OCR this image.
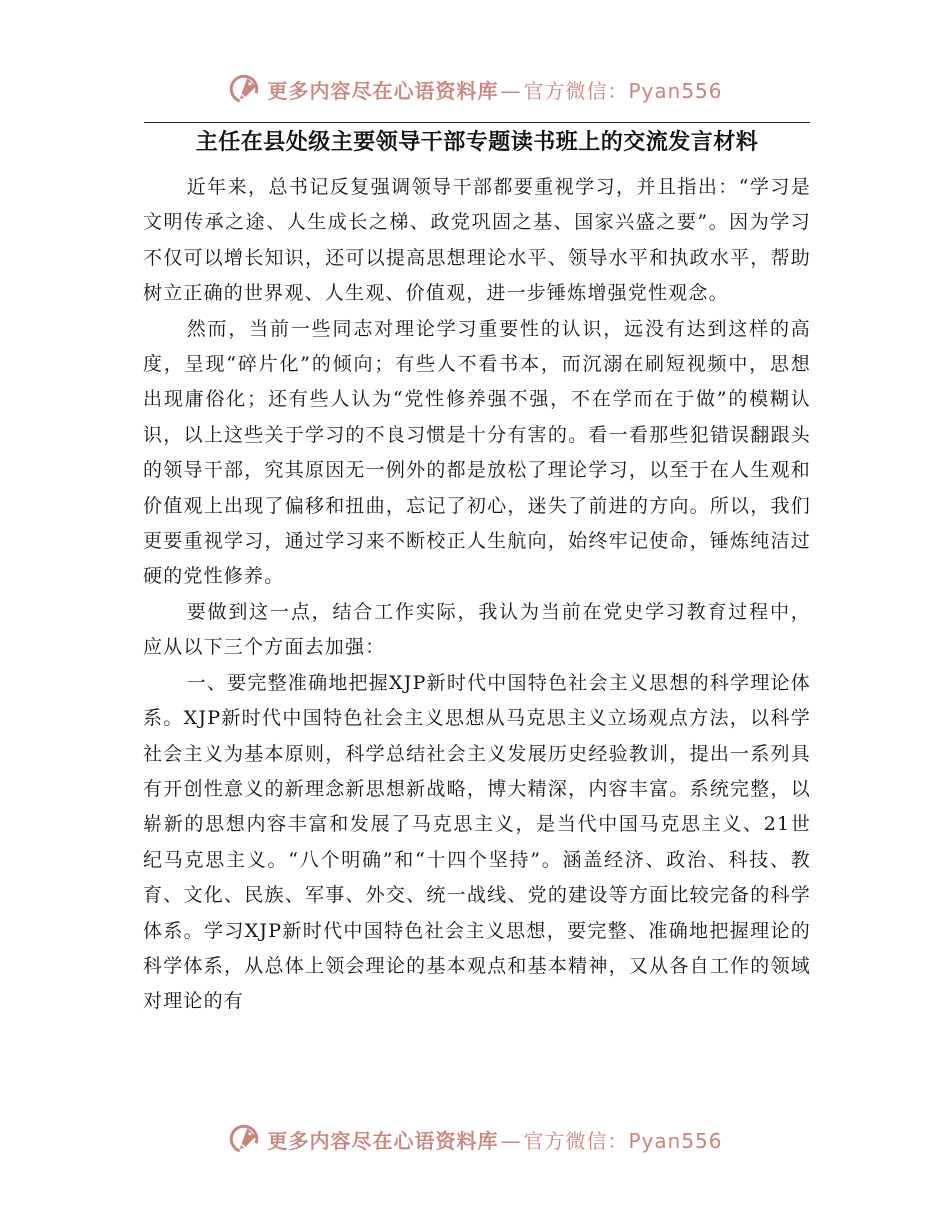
更多内容尽在心语资料库 — 官方微信：Pyan556
主任在县处级主要领导干部专题读书班上的交流发言材料

近年来，总书记反复强调领导干部都要重视学习，并且指出：“学习是文明传承之途、人生成长之梯、政党巩固之基、国家兴盛之要”。因为学习不仅可以增长知识，还可以提高思想理论水平、领导水平和执政水平，帮助树立正确的世界观、人生观、价值观，进一步锤炼增强党性观念。

然而，当前一些同志对理论学习重要性的认识，远没有达到这样的高度，呈现“碎片化”的倾向；有些人不看书本，而沉溺在刷短视频中，思想出现庸俗化；还有些人认为“党性修养强不强，不在学而在于做”的模糊认识，以上这些关于学习的不良习惯是十分有害的。看一看那些犯错误翻跟头的领导干部，究其原因无一例外的都是放松了理论学习，以至于在人生观和价值观上出现了偏移和扭曲，忘记了初心，迷失了前进的方向。所以，我们更要重视学习，通过学习来不断校正人生航向，始终牢记使命，锤炼纯洁过硬的党性修养。

要做到这一点，结合工作实际，我认为当前在党史学习教育过程中，应从以下三个方面去加强：

一、要完整准确地把握XJP新时代中国特色社会主义思想的科学理论体系。XJP新时代中国特色社会主义思想从马克思主义立场观点方法，以科学社会主义为基本原则，科学总结社会主义发展历史经验教训，提出一系列具有开创性意义的新理念新思想新战略，博大精深，内容丰富。系统完整，以崭新的思想内容丰富和发展了马克思主义，是当代中国马克思主义、21世纪马克思主义。“八个明确”和“十四个坚持”。涵盖经济、政治、科技、教育、文化、民族、军事、外交、统一战线、党的建设等方面比较完备的科学体系。学习XJP新时代中国特色社会主义思想，要完整、准确地把握理论的科学体系，从总体上领会理论的基本观点和基本精神，又从各自工作的领域对理论的有

更多内容尽在心语资料库 — 官方微信：Pyan556
